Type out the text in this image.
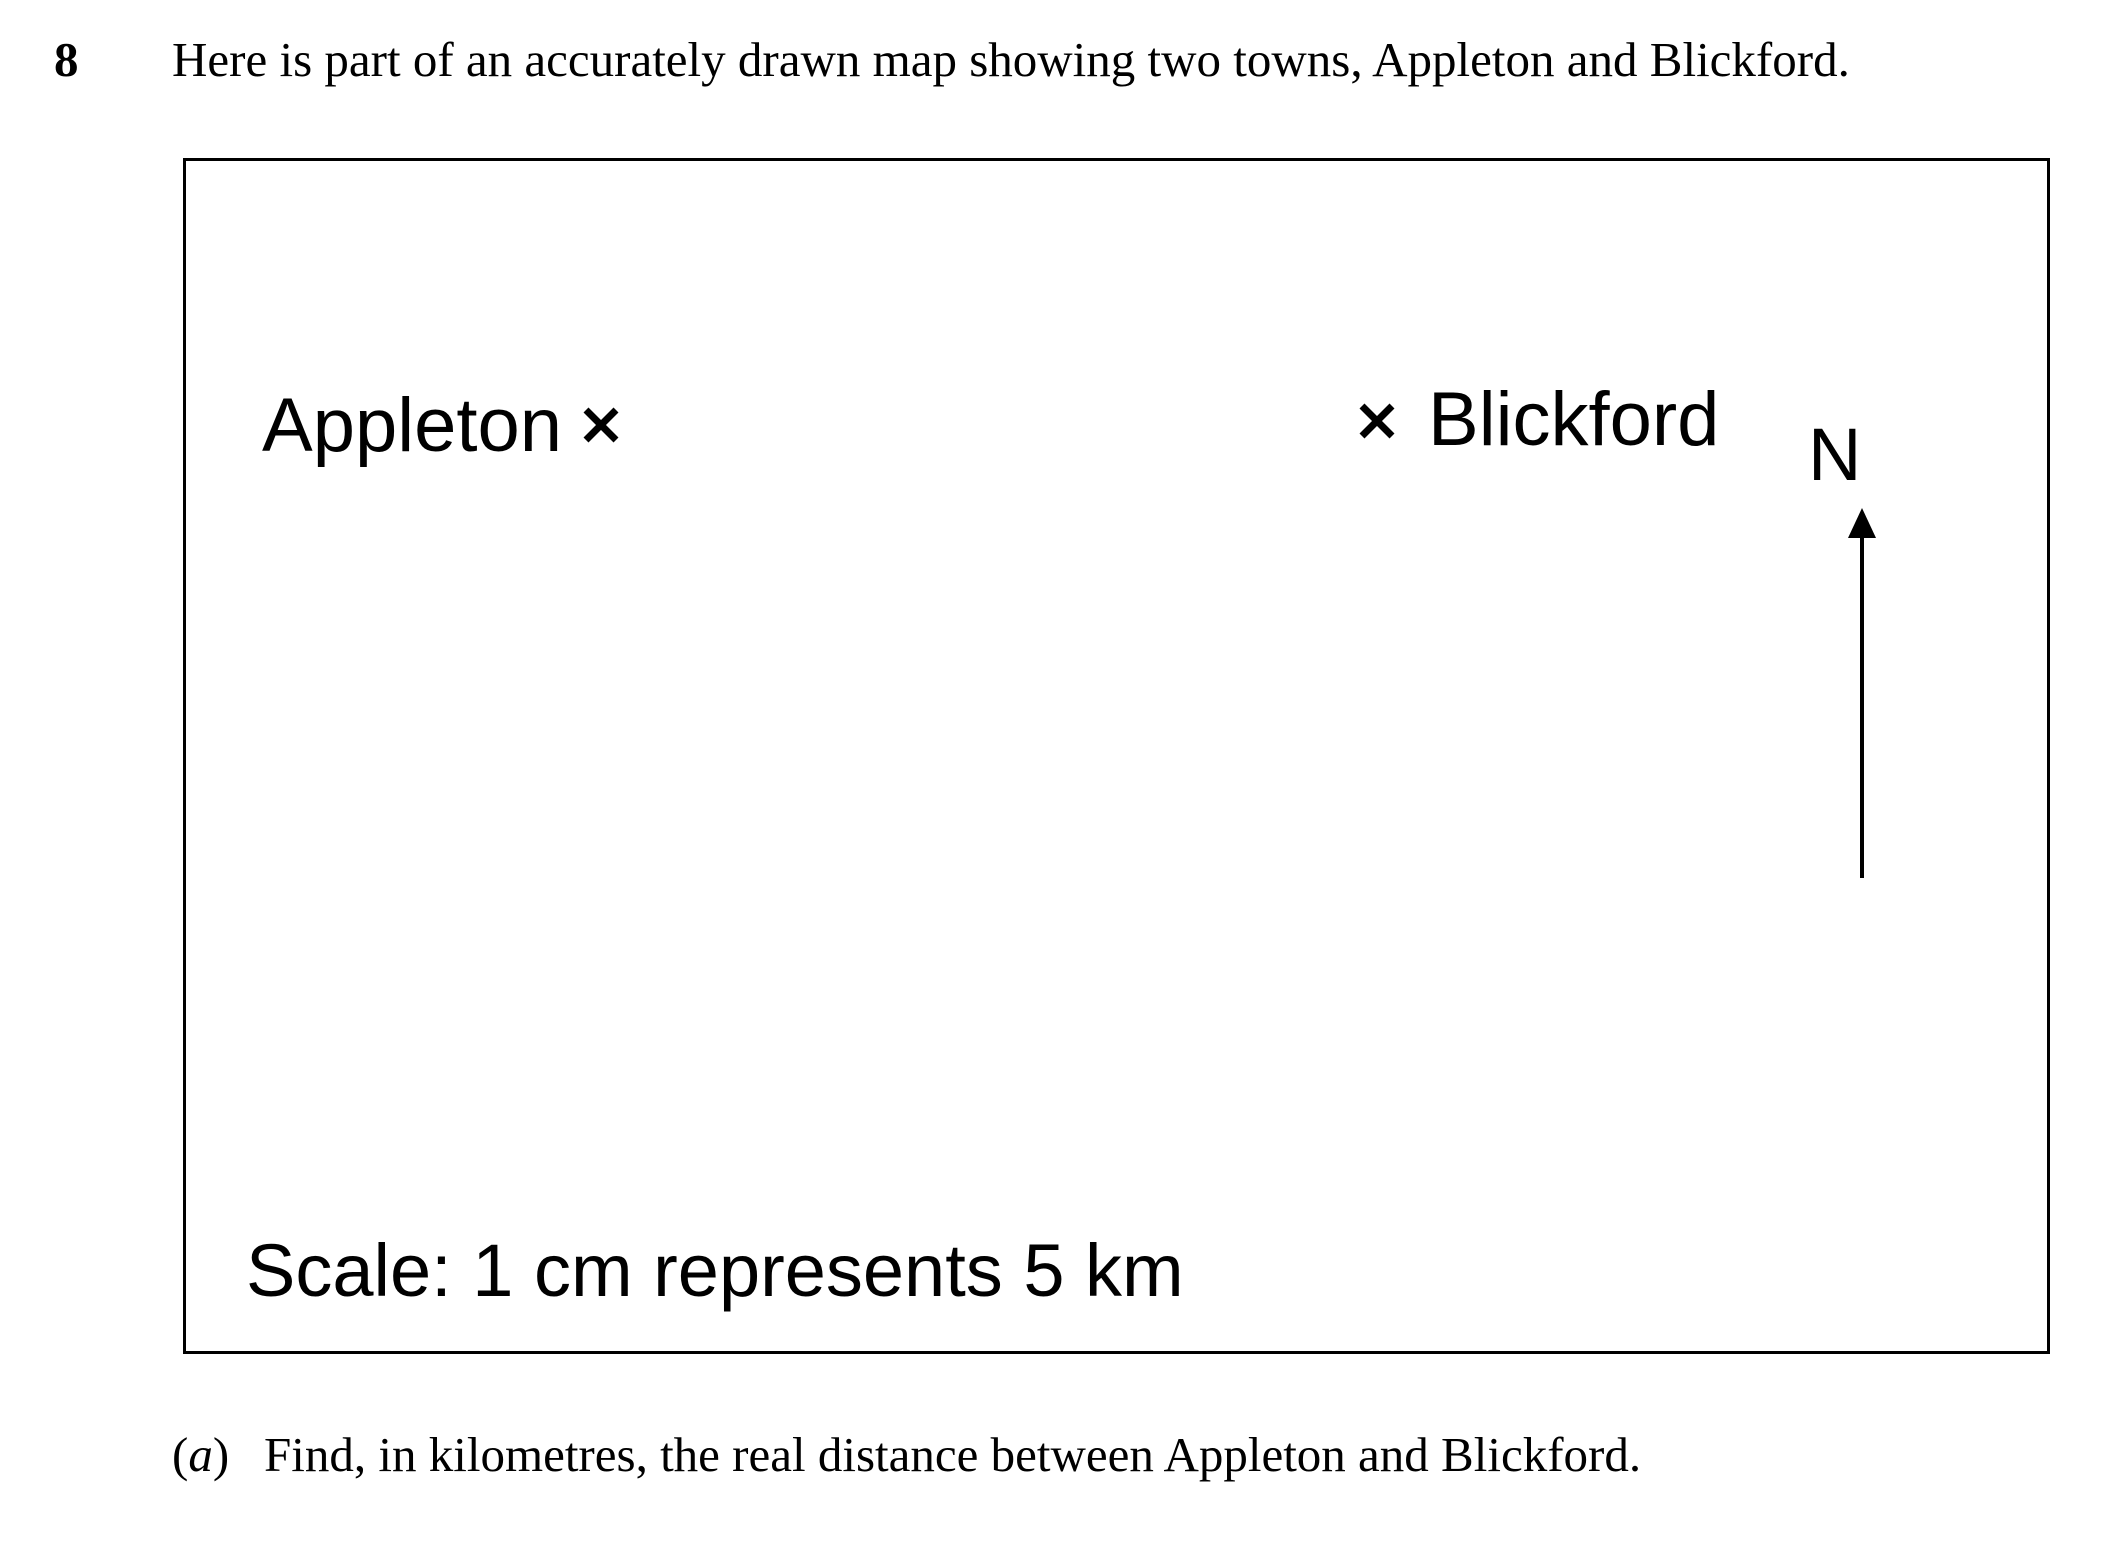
8 Here is part of an accurately drawn map showing two towns, Appleton and Blickford.
Appleton	Blickford N
Scale: 1 cm represents 5 km
(a) Find, in kilometres, the real distance between Appleton and Blickford.
